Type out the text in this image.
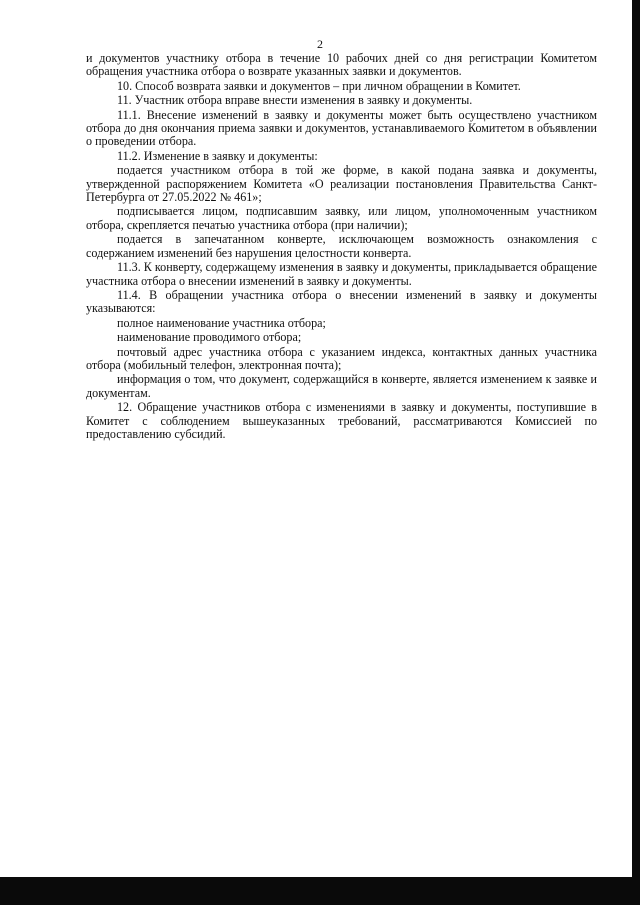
2

и документов участнику отбора в течение 10 рабочих дней со дня регистрации Комитетом обращения участника отбора о возврате указанных заявки и документов.

10. Способ возврата заявки и документов – при личном обращении в Комитет.

11. Участник отбора вправе внести изменения в заявку и документы.

11.1. Внесение изменений в заявку и документы может быть осуществлено участником отбора до дня окончания приема заявки и документов, устанавливаемого Комитетом в объявлении о проведении отбора.

11.2. Изменение в заявку и документы:

подается участником отбора в той же форме, в какой подана заявка и документы, утвержденной распоряжением Комитета «О реализации постановления Правительства Санкт-Петербурга от 27.05.2022 № 461»;

подписывается лицом, подписавшим заявку, или лицом, уполномоченным участником отбора, скрепляется печатью участника отбора (при наличии);

подается в запечатанном конверте, исключающем возможность ознакомления с содержанием изменений без нарушения целостности конверта.

11.3. К конверту, содержащему изменения в заявку и документы, прикладывается обращение участника отбора о внесении изменений в заявку и документы.

11.4. В обращении участника отбора о внесении изменений в заявку и документы указываются:

полное наименование участника отбора;

наименование проводимого отбора;

почтовый адрес участника отбора с указанием индекса, контактных данных участника отбора (мобильный телефон, электронная почта);

информация о том, что документ, содержащийся в конверте, является изменением к заявке и документам.

12. Обращение участников отбора с изменениями в заявку и документы, поступившие в Комитет с соблюдением вышеуказанных требований, рассматриваются Комиссией по предоставлению субсидий.
